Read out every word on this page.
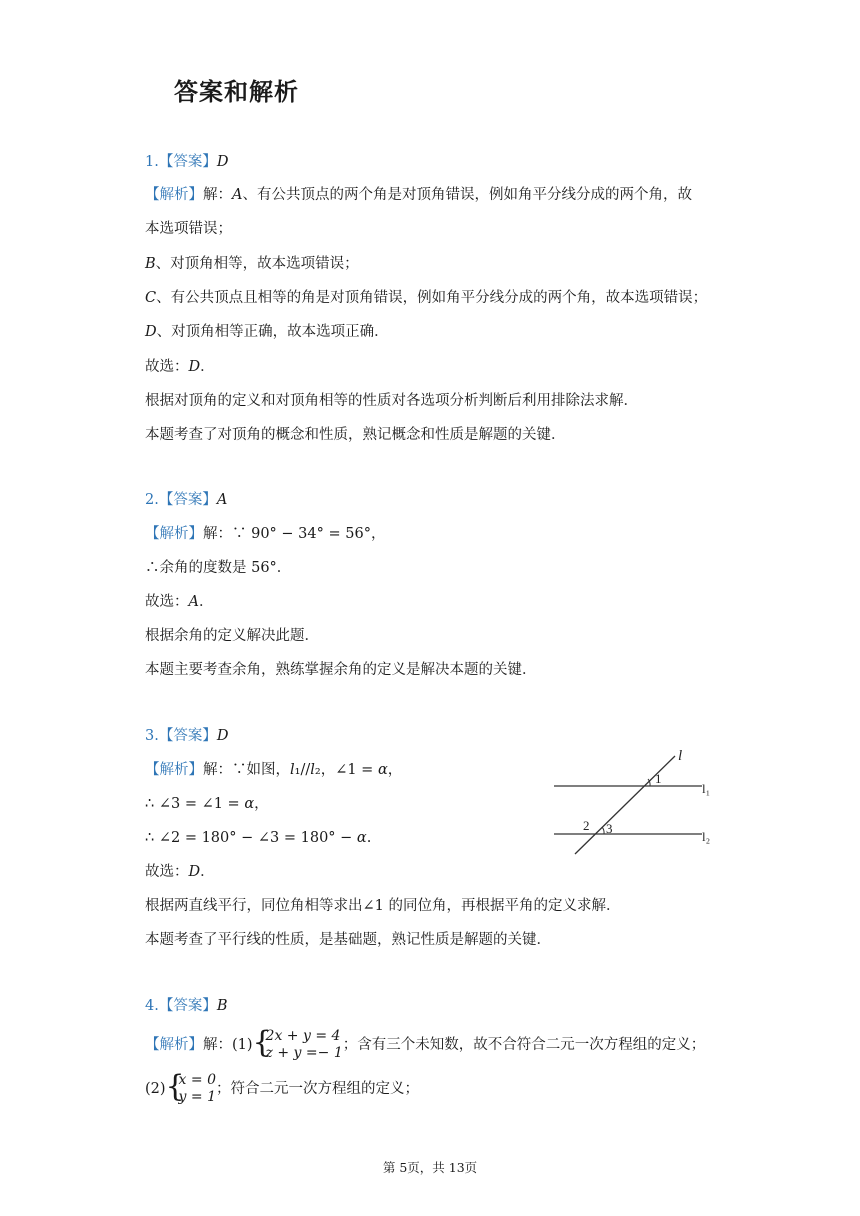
答案和解析
1.【答案】D
【解析】解：A、有公共顶点的两个角是对顶角错误，例如角平分线分成的两个角，故
本选项错误；
B、对顶角相等，故本选项错误；
C、有公共顶点且相等的角是对顶角错误，例如角平分线分成的两个角，故本选项错误；
D、对顶角相等正确，故本选项正确．
故选：D．
根据对顶角的定义和对顶角相等的性质对各选项分析判断后利用排除法求解．
本题考查了对顶角的概念和性质，熟记概念和性质是解题的关键．
2.【答案】A
【解析】解：∵ 90° − 34° = 56°，
∴余角的度数是 56°．
故选：A．
根据余角的定义解决此题．
本题主要考查余角，熟练掌握余角的定义是解决本题的关键．
3.【答案】D
【解析】解：∵如图，l₁//l₂，∠1 = α，
∴ ∠3 = ∠1 = α，
∴ ∠2 = 180° − ∠3 = 180° − α.
故选：D．
根据两直线平行，同位角相等求出∠1 的同位角，再根据平角的定义求解．
本题考查了平行线的性质，是基础题，熟记性质是解题的关键．
l
l₁
l₂
1
2 3
4.【答案】B
【解析】解：(1) {
2x + y = 4
z + y =− 1 ；含有三个未知数，故不合符合二元一次方程组的定义；
(2) {
x = 0
y = 1 ；符合二元一次方程组的定义；
第 5页，共 13页
